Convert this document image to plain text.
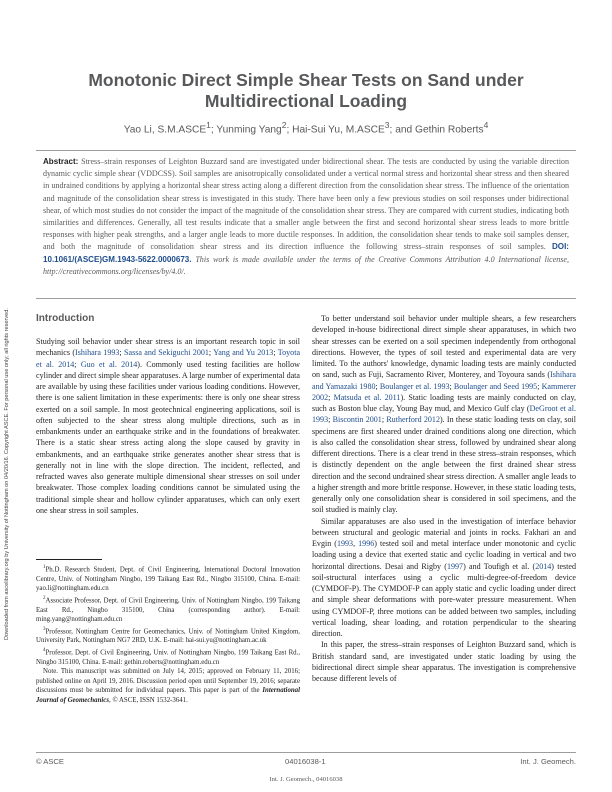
Downloaded from ascelibrary.org by University of Nottingham on 04/20/16. Copyright ASCE. For personal use only; all rights reserved.
Monotonic Direct Simple Shear Tests on Sand under Multidirectional Loading
Yao Li, S.M.ASCE$^1$; Yunming Yang$^2$; Hai-Sui Yu, M.ASCE$^3$; and Gethin Roberts$^4$
Abstract: Stress–strain responses of Leighton Buzzard sand are investigated under bidirectional shear. The tests are conducted by using the variable direction dynamic cyclic simple shear (VDDCSS). Soil samples are anisotropically consolidated under a vertical normal stress and horizontal shear stress and then sheared in undrained conditions by applying a horizontal shear stress acting along a different direction from the consolidation shear stress. The influence of the orientation and magnitude of the consolidation shear stress is investigated in this study. There have been only a few previous studies on soil responses under bidirectional shear, of which most studies do not consider the impact of the magnitude of the consolidation shear stress. They are compared with current studies, indicating both similarities and differences. Generally, all test results indicate that a smaller angle between the first and second horizontal shear stress leads to more brittle responses with higher peak strengths, and a larger angle leads to more ductile responses. In addition, the consolidation shear tends to make soil samples denser, and both the magnitude of consolidation shear stress and its direction influence the following stress–strain responses of soil samples. DOI: 10.1061/(ASCE)GM.1943-5622.0000673. This work is made available under the terms of the Creative Commons Attribution 4.0 International license, http://creativecommons.org/licenses/by/4.0/.
Introduction

Studying soil behavior under shear stress is an important research topic in soil mechanics (Ishihara 1993; Sassa and Sekiguchi 2001; Yang and Yu 2013; Toyota et al. 2014; Guo et al. 2014). Commonly used testing facilities are hollow cylinder and direct simple shear apparatuses. A large number of experimental data are available by using these facilities under various loading conditions. However, there is one salient limitation in these experiments: there is only one shear stress exerted on a soil sample. In most geotechnical engineering applications, soil is often subjected to the shear stress along multiple directions, such as in embankments under an earthquake strike and in the foundations of breakwater. There is a static shear stress acting along the slope caused by gravity in embankments, and an earthquake strike generates another shear stress that is generally not in line with the slope direction. The incident, reflected, and refracted waves also generate multiple dimensional shear stresses on soil under breakwater. Those complex loading conditions cannot be simulated using the traditional simple shear and hollow cylinder apparatuses, which can only exert one shear stress in soil samples.

$^1$Ph.D. Research Student, Dept. of Civil Engineering, International Doctoral Innovation Centre, Univ. of Nottingham Ningbo, 199 Taikang East Rd., Ningbo 315100, China. E-mail: yao.li@nottingham.edu.cn

$^2$Associate Professor, Dept. of Civil Engineering, Univ. of Nottingham Ningbo, 199 Taikang East Rd., Ningbo 315100, China (corresponding author). E-mail: ming.yang@nottingham.edu.cn

$^3$Professor, Nottingham Centre for Geomechanics, Univ. of Nottingham United Kingdom, University Park, Nottingham NG7 2RD, U.K. E-mail: hai-sui.yu@nottingham.ac.uk

$^4$Professor, Dept. of Civil Engineering, Univ. of Nottingham Ningbo, 199 Taikang East Rd., Ningbo 315100, China. E-mail: gethin.roberts@nottingham.edu.cn

Note. This manuscript was submitted on July 14, 2015; approved on February 11, 2016; published online on April 19, 2016. Discussion period open until September 19, 2016; separate discussions must be submitted for individual papers. This paper is part of the International Journal of Geomechanics, © ASCE, ISSN 1532-3641.

To better understand soil behavior under multiple shears, a few researchers developed in-house bidirectional direct simple shear apparatuses, in which two shear stresses can be exerted on a soil specimen independently from orthogonal directions. However, the types of soil tested and experimental data are very limited. To the authors' knowledge, dynamic loading tests are mainly conducted on sand, such as Fuji, Sacramento River, Monterey, and Toyoura sands (Ishihara and Yamazaki 1980; Boulanger et al. 1993; Boulanger and Seed 1995; Kammerer 2002; Matsuda et al. 2011). Static loading tests are mainly conducted on clay, such as Boston blue clay, Young Bay mud, and Mexico Gulf clay (DeGroot et al. 1993; Biscontin 2001; Rutherford 2012). In these static loading tests on clay, soil specimens are first sheared under drained conditions along one direction, which is also called the consolidation shear stress, followed by undrained shear along different directions. There is a clear trend in these stress–strain responses, which is distinctly dependent on the angle between the first drained shear stress direction and the second undrained shear stress direction. A smaller angle leads to a higher strength and more brittle response. However, in these static loading tests, generally only one consolidation shear is considered in soil specimens, and the soil studied is mainly clay.

Similar apparatuses are also used in the investigation of interface behavior between structural and geologic material and joints in rocks. Fakhari an and Evgin (1993, 1996) tested soil and metal interface under monotonic and cyclic loading using a device that exerted static and cyclic loading in vertical and two horizontal directions. Desai and Rigby (1997) and Toufigh et al. (2014) tested soil-structural interfaces using a cyclic multi-degree-of-freedom device (CYMDOF-P). The CYMDOF-P can apply static and cyclic loading under direct and simple shear deformations with pore-water pressure measurement. When using CYMDOF-P, three motions can be added between two samples, including vertical loading, shear loading, and rotation perpendicular to the shearing direction.

In this paper, the stress–strain responses of Leighton Buzzard sand, which is British standard sand, are investigated under static loading by using the bidirectional direct simple shear apparatus. The investigation is comprehensive because different levels of

© ASCE	04016038-1	Int. J. Geomech.
Int. J. Geomech., 04016038
